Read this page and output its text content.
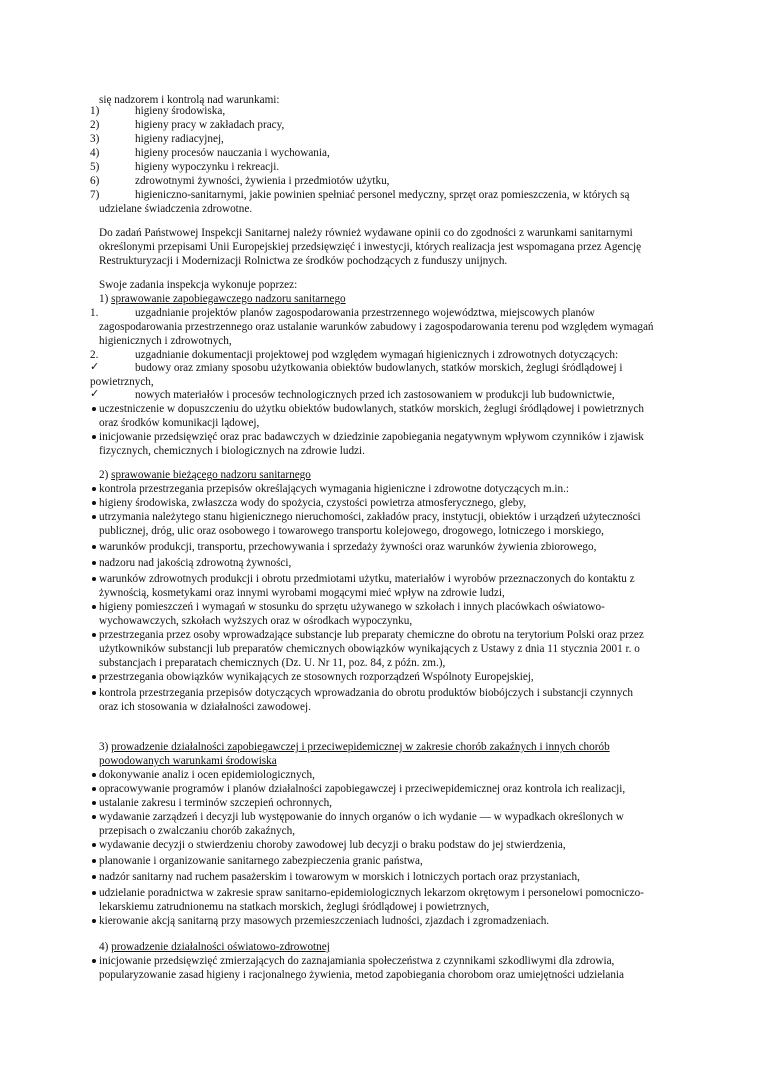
się nadzorem i kontrolą nad warunkami:
1)	higieny środowiska,
2)	higieny pracy w zakładach pracy,
3)	higieny radiacyjnej,
4)	higieny procesów nauczania i wychowania,
5)	higieny wypoczynku i rekreacji.
6)	zdrowotnymi żywności, żywienia i przedmiotów użytku,
7)	higieniczno-sanitarnymi, jakie powinien spełniać personel medyczny, sprzęt oraz pomieszczenia, w których są
udzielane świadczenia zdrowotne.
Do zadań Państwowej Inspekcji Sanitarnej należy również wydawane opinii co do zgodności z warunkami sanitarnymi
określonymi przepisami Unii Europejskiej przedsięwzięć i inwestycji, których realizacja jest wspomagana przez Agencję
Restrukturyzacji i Modernizacji Rolnictwa ze środków pochodzących z funduszy unijnych.
Swoje zadania inspekcja wykonuje poprzez:
1) sprawowanie zapobiegawczego nadzoru sanitarnego
1.	uzgadnianie projektów planów zagospodarowania przestrzennego województwa, miejscowych planów
zagospodarowania przestrzennego oraz ustalanie warunków zabudowy i zagospodarowania terenu pod względem wymagań
higienicznych i zdrowotnych,
2.	uzgadnianie dokumentacji projektowej pod względem wymagań higienicznych i zdrowotnych dotyczących:
✓	budowy oraz zmiany sposobu użytkowania obiektów budowlanych, statków morskich, żeglugi śródlądowej i
powietrznych,
✓	nowych materiałów i procesów technologicznych przed ich zastosowaniem w produkcji lub budownictwie,
uczestniczenie w dopuszczeniu do użytku obiektów budowlanych, statków morskich, żeglugi śródlądowej i powietrznych
oraz środków komunikacji lądowej,
inicjowanie przedsięwzięć oraz prac badawczych w dziedzinie zapobiegania negatywnym wpływom czynników i zjawisk
fizycznych, chemicznych i biologicznych na zdrowie ludzi.
2) sprawowanie bieżącego nadzoru sanitarnego
kontrola przestrzegania przepisów określających wymagania higieniczne i zdrowotne dotyczących m.in.:
higieny środowiska, zwłaszcza wody do spożycia, czystości powietrza atmosferycznego, gleby,
utrzymania należytego stanu higienicznego nieruchomości, zakładów pracy, instytucji, obiektów i urządzeń użyteczności
publicznej, dróg, ulic oraz osobowego i towarowego transportu kolejowego, drogowego, lotniczego i morskiego,
warunków produkcji, transportu, przechowywania i sprzedaży żywności oraz warunków żywienia zbiorowego,
nadzoru nad jakością zdrowotną żywności,
warunków zdrowotnych produkcji i obrotu przedmiotami użytku, materiałów i wyrobów przeznaczonych do kontaktu z
żywnością, kosmetykami oraz innymi wyrobami mogącymi mieć wpływ na zdrowie ludzi,
higieny pomieszczeń i wymagań w stosunku do sprzętu używanego w szkołach i innych placówkach oświatowo-
wychowawczych, szkołach wyższych oraz w ośrodkach wypoczynku,
przestrzegania przez osoby wprowadzające substancje lub preparaty chemiczne do obrotu na terytorium Polski oraz przez
użytkowników substancji lub preparatów chemicznych obowiązków wynikających z Ustawy z dnia 11 stycznia 2001 r. o
substancjach i preparatach chemicznych (Dz. U. Nr 11, poz. 84, z późn. zm.),
przestrzegania obowiązków wynikających ze stosownych rozporządzeń Wspólnoty Europejskiej,
kontrola przestrzegania przepisów dotyczących wprowadzania do obrotu produktów biobójczych i substancji czynnych
oraz ich stosowania w działalności zawodowej.
3) prowadzenie działalności zapobiegawczej i przeciwepidemicznej w zakresie chorób zakaźnych i innych chorób
powodowanych warunkami środowiska
dokonywanie analiz i ocen epidemiologicznych,
opracowywanie programów i planów działalności zapobiegawczej i przeciwepidemicznej oraz kontrola ich realizacji,
ustalanie zakresu i terminów szczepień ochronnych,
wydawanie zarządzeń i decyzji lub występowanie do innych organów o ich wydanie — w wypadkach określonych w
przepisach o zwalczaniu chorób zakaźnych,
wydawanie decyzji o stwierdzeniu choroby zawodowej lub decyzji o braku podstaw do jej stwierdzenia,
planowanie i organizowanie sanitarnego zabezpieczenia granic państwa,
nadzór sanitarny nad ruchem pasażerskim i towarowym w morskich i lotniczych portach oraz przystaniach,
udzielanie poradnictwa w zakresie spraw sanitarno-epidemiologicznych lekarzom okrętowym i personelowi pomocniczo-
lekarskiemu zatrudnionemu na statkach morskich, żeglugi śródlądowej i powietrznych,
kierowanie akcją sanitarną przy masowych przemieszczeniach ludności, zjazdach i zgromadzeniach.
4) prowadzenie działalności oświatowo-zdrowotnej
inicjowanie przedsięwzięć zmierzających do zaznajamiania społeczeństwa z czynnikami szkodliwymi dla zdrowia,
popularyzowanie zasad higieny i racjonalnego żywienia, metod zapobiegania chorobom oraz umiejętności udzielania
